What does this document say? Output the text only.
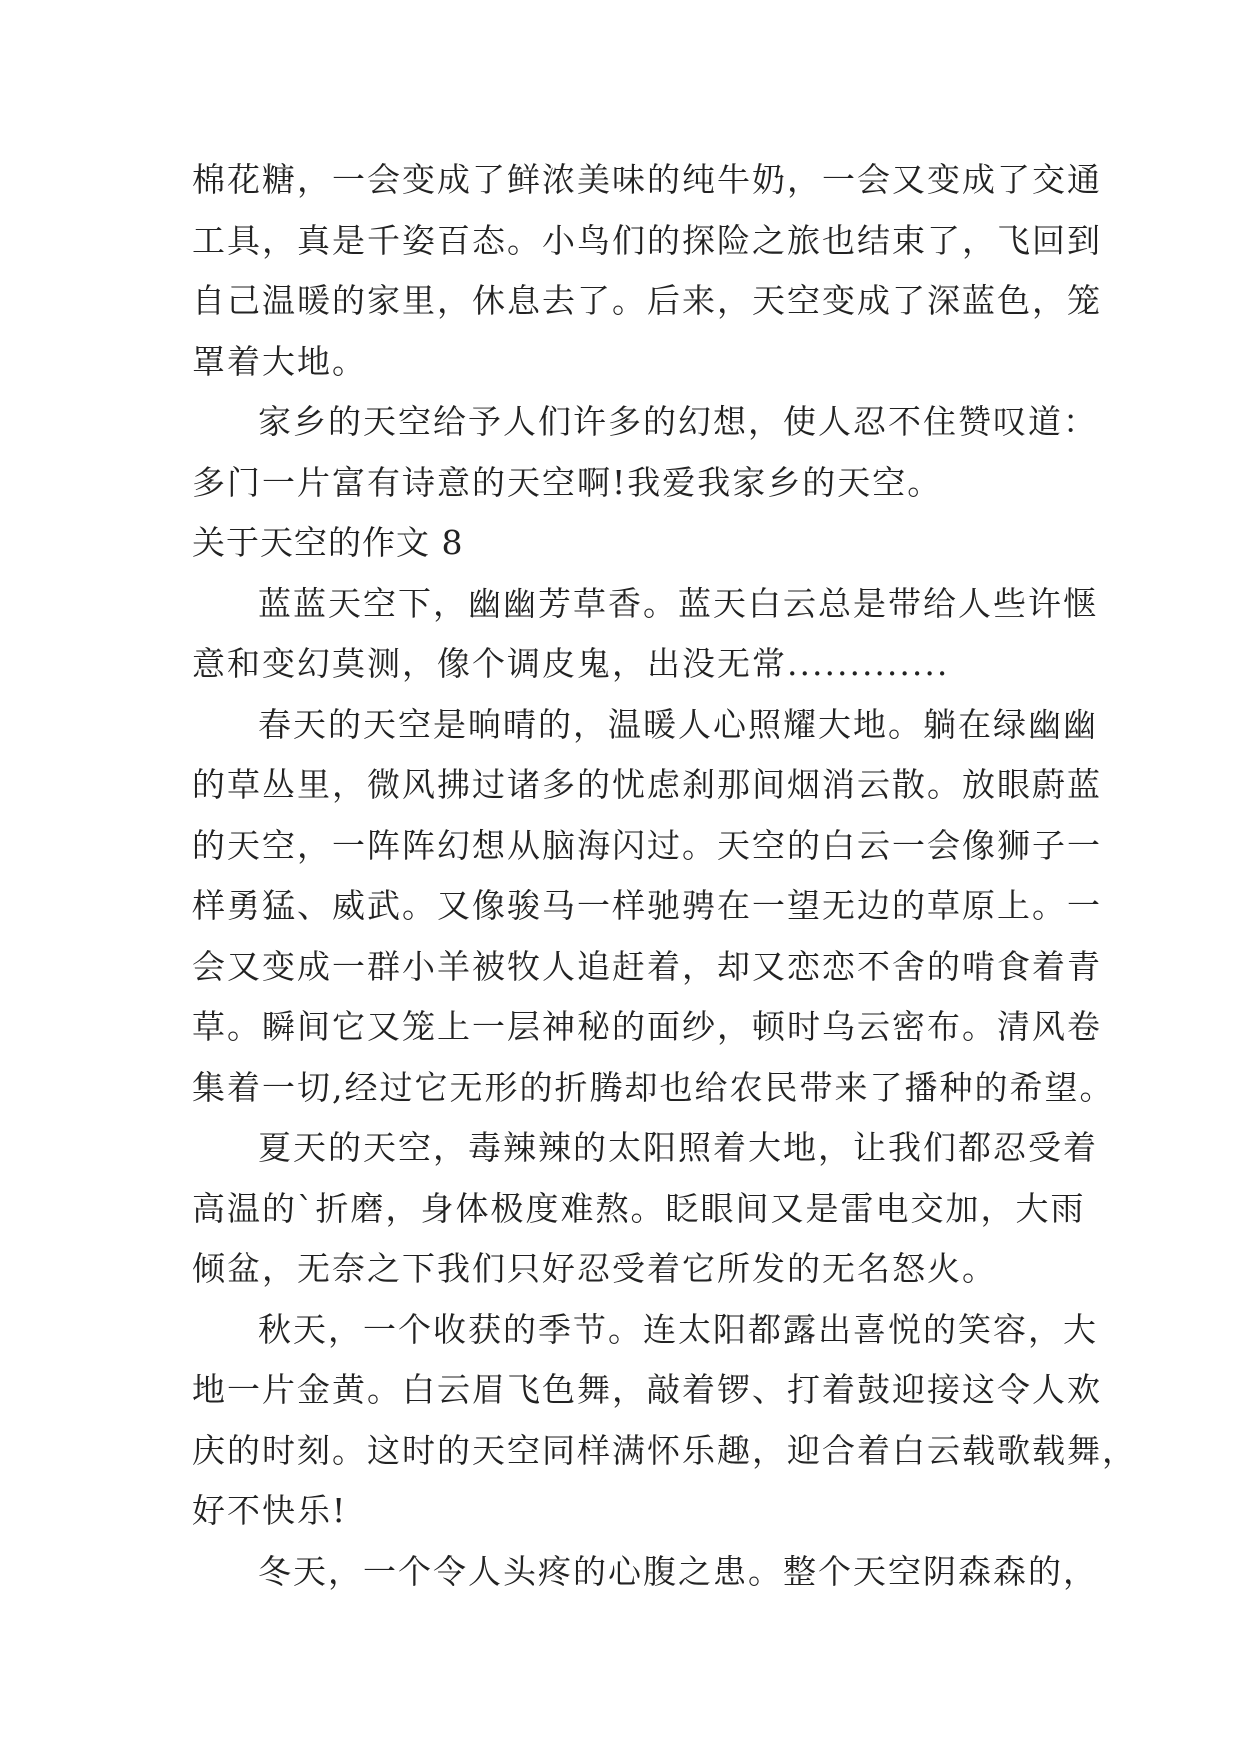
棉花糖，一会变成了鲜浓美味的纯牛奶，一会又变成了交通
工具，真是千姿百态。小鸟们的探险之旅也结束了，飞回到
自己温暖的家里，休息去了。后来，天空变成了深蓝色，笼
罩着大地。
家乡的天空给予人们许多的幻想，使人忍不住赞叹道：
多门一片富有诗意的天空啊!我爱我家乡的天空。
关于天空的作文 8
蓝蓝天空下，幽幽芳草香。蓝天白云总是带给人些许惬
意和变幻莫测，像个调皮鬼，出没无常.............
春天的天空是晌晴的，温暖人心照耀大地。躺在绿幽幽
的草丛里，微风拂过诸多的忧虑刹那间烟消云散。放眼蔚蓝
的天空，一阵阵幻想从脑海闪过。天空的白云一会像狮子一
样勇猛、威武。又像骏马一样驰骋在一望无边的草原上。一
会又变成一群小羊被牧人追赶着，却又恋恋不舍的啃食着青
草。瞬间它又笼上一层神秘的面纱，顿时乌云密布。清风卷
集着一切,经过它无形的折腾却也给农民带来了播种的希望。
夏天的天空，毒辣辣的太阳照着大地，让我们都忍受着
高温的`折磨，身体极度难熬。眨眼间又是雷电交加，大雨
倾盆，无奈之下我们只好忍受着它所发的无名怒火。
秋天，一个收获的季节。连太阳都露出喜悦的笑容，大
地一片金黄。白云眉飞色舞，敲着锣、打着鼓迎接这令人欢
庆的时刻。这时的天空同样满怀乐趣，迎合着白云载歌载舞，
好不快乐!
冬天，一个令人头疼的心腹之患。整个天空阴森森的，
